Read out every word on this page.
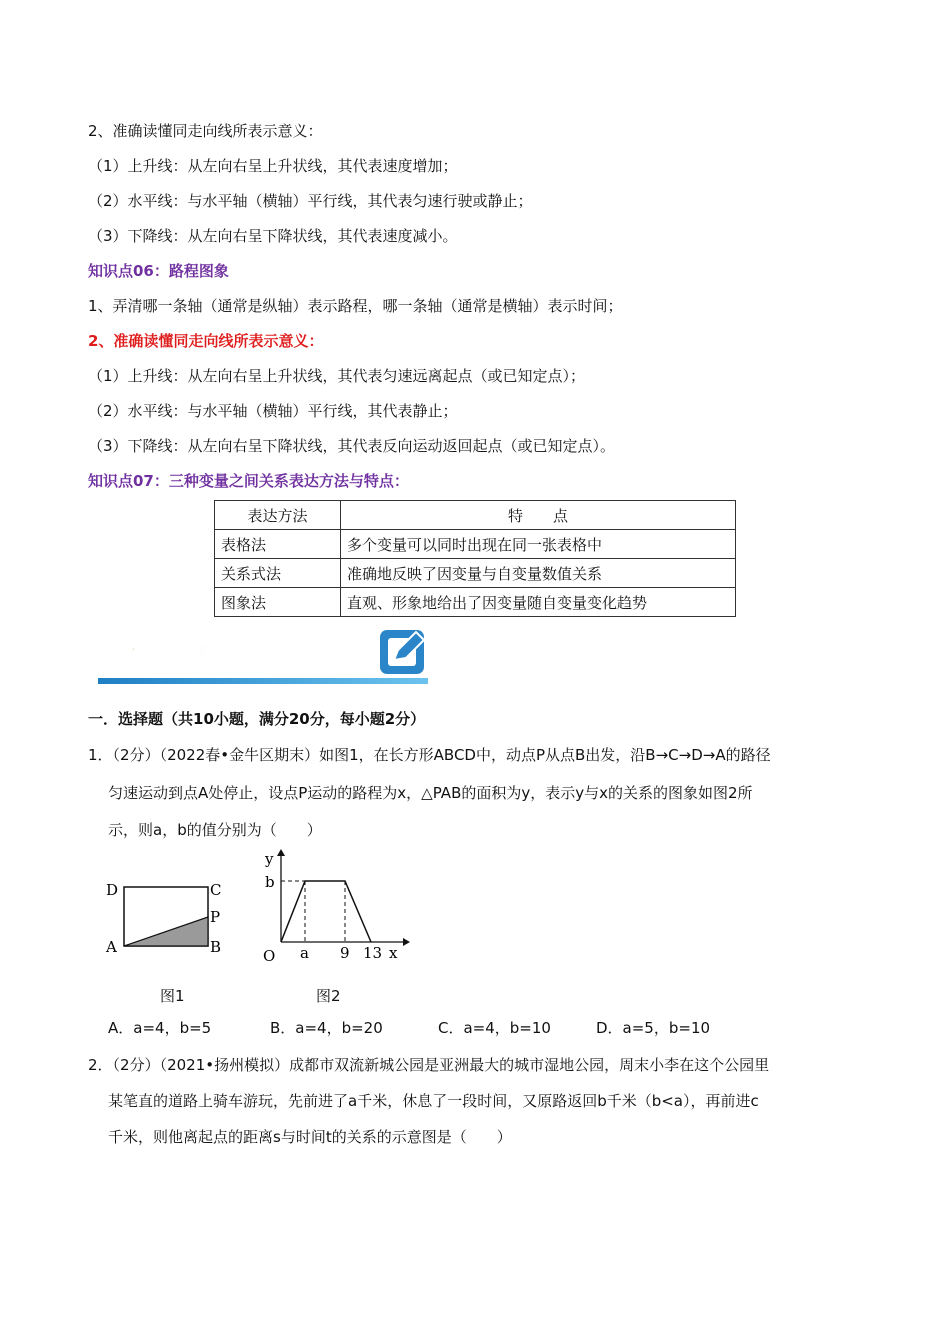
2、准确读懂同走向线所表示意义：
（1）上升线：从左向右呈上升状线，其代表速度增加；
（2）水平线：与水平轴（横轴）平行线，其代表匀速行驶或静止；
（3）下降线：从左向右呈下降状线，其代表速度减小。
知识点06：路程图象
1、弄清哪一条轴（通常是纵轴）表示路程，哪一条轴（通常是横轴）表示时间；
2、准确读懂同走向线所表示意义：
（1）上升线：从左向右呈上升状线，其代表匀速远离起点（或已知定点）；
（2）水平线：与水平轴（横轴）平行线，其代表静止；
（3）下降线：从左向右呈下降状线，其代表反向运动返回起点（或已知定点）。
知识点07：三种变量之间关系表达方法与特点：
表达方法	特　　点
表格法	多个变量可以同时出现在同一张表格中
关系式法	准确地反映了因变量与自变量数值关系
图象法	直观、形象地给出了因变量随自变量变化趋势
高频核心专题训练
一．选择题（共10小题，满分20分，每小题2分）
1．（2分）（2022春•金牛区期末）如图1，在长方形ABCD中，动点P从点B出发，沿B→C→D→A的路径
匀速运动到点A处停止，设点P运动的路程为x，△PAB的面积为y，表示y与x的关系的图象如图2所
示，则a，b的值分别为（　　）
D	C
P
A	B
图1
y
b
O a 9 13 x
图2
A．a=4，b=5	B．a=4，b=20	C．a=4，b=10	D．a=5，b=10
2．（2分）（2021•扬州模拟）成都市双流新城公园是亚洲最大的城市湿地公园，周末小李在这个公园里
某笔直的道路上骑车游玩，先前进了a千米，休息了一段时间，又原路返回b千米（b<a），再前进c
千米，则他离起点的距离s与时间t的关系的示意图是（　　）
